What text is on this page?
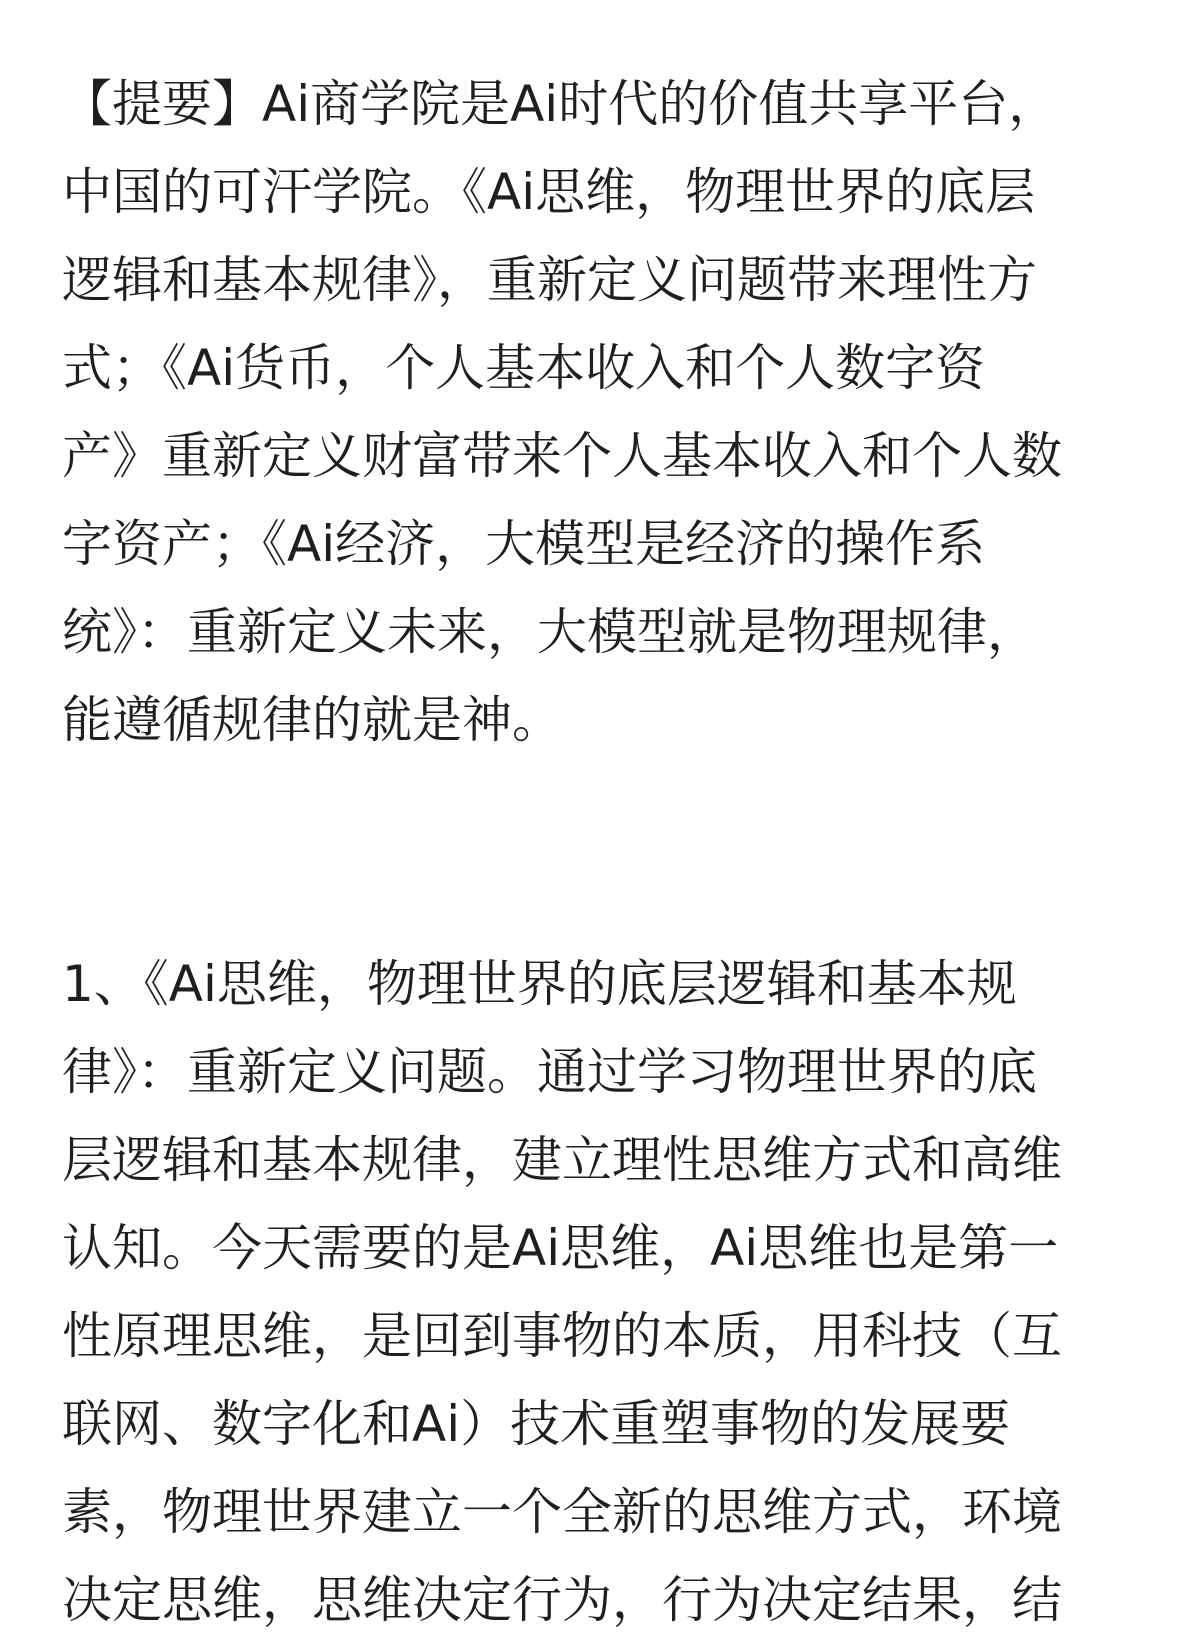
【提要】Ai商学院是Ai时代的价值共享平台，
中国的可汗学院。《Ai思维，物理世界的底层
逻辑和基本规律》，重新定义问题带来理性方
式；《Ai货币，个人基本收入和个人数字资
产》重新定义财富带来个人基本收入和个人数
字资产；《Ai经济，大模型是经济的操作系
统》：重新定义未来，大模型就是物理规律，
能遵循规律的就是神。
1、《Ai思维，物理世界的底层逻辑和基本规
律》：重新定义问题。通过学习物理世界的底
层逻辑和基本规律，建立理性思维方式和高维
认知。今天需要的是Ai思维，Ai思维也是第一
性原理思维，是回到事物的本质，用科技（互
联网、数字化和Ai）技术重塑事物的发展要
素，物理世界建立一个全新的思维方式，环境
决定思维，思维决定行为，行为决定结果，结
